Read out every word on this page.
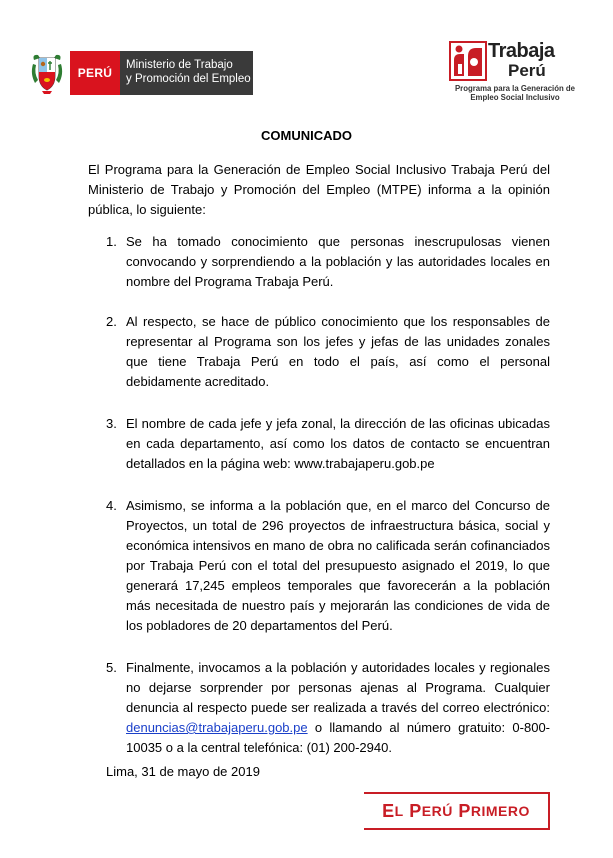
PERÚ
Ministerio de Trabajo
y Promoción del Empleo
Trabaja
Perú
Programa para la Generación de
Empleo Social Inclusivo
COMUNICADO
El Programa para la Generación de Empleo Social Inclusivo Trabaja Perú del Ministerio de Trabajo y Promoción del Empleo (MTPE) informa a la opinión pública, lo siguiente:
1. Se ha tomado conocimiento que personas inescrupulosas vienen convocando y sorprendiendo a la población y las autoridades locales en nombre del Programa Trabaja Perú.
2. Al respecto, se hace de público conocimiento que los responsables de representar al Programa son los jefes y jefas de las unidades zonales que tiene Trabaja Perú en todo el país, así como el personal debidamente acreditado.
3. El nombre de cada jefe y jefa zonal, la dirección de las oficinas ubicadas en cada departamento, así como los datos de contacto se encuentran detallados en la página web: www.trabajaperu.gob.pe
4. Asimismo, se informa a la población que, en el marco del Concurso de Proyectos, un total de 296 proyectos de infraestructura básica, social y económica intensivos en mano de obra no calificada serán cofinanciados por Trabaja Perú con el total del presupuesto asignado el 2019, lo que generará 17,245 empleos temporales que favorecerán a la población más necesitada de nuestro país y mejorarán las condiciones de vida de los pobladores de 20 departamentos del Perú.
5. Finalmente, invocamos a la población y autoridades locales y regionales no dejarse sorprender por personas ajenas al Programa. Cualquier denuncia al respecto puede ser realizada a través del correo electrónico: denuncias@trabajaperu.gob.pe o llamando al número gratuito: 0-800-10035 o a la central telefónica: (01) 200-2940.
Lima, 31 de mayo de 2019
E L
P ERÚ
P RIMERO
